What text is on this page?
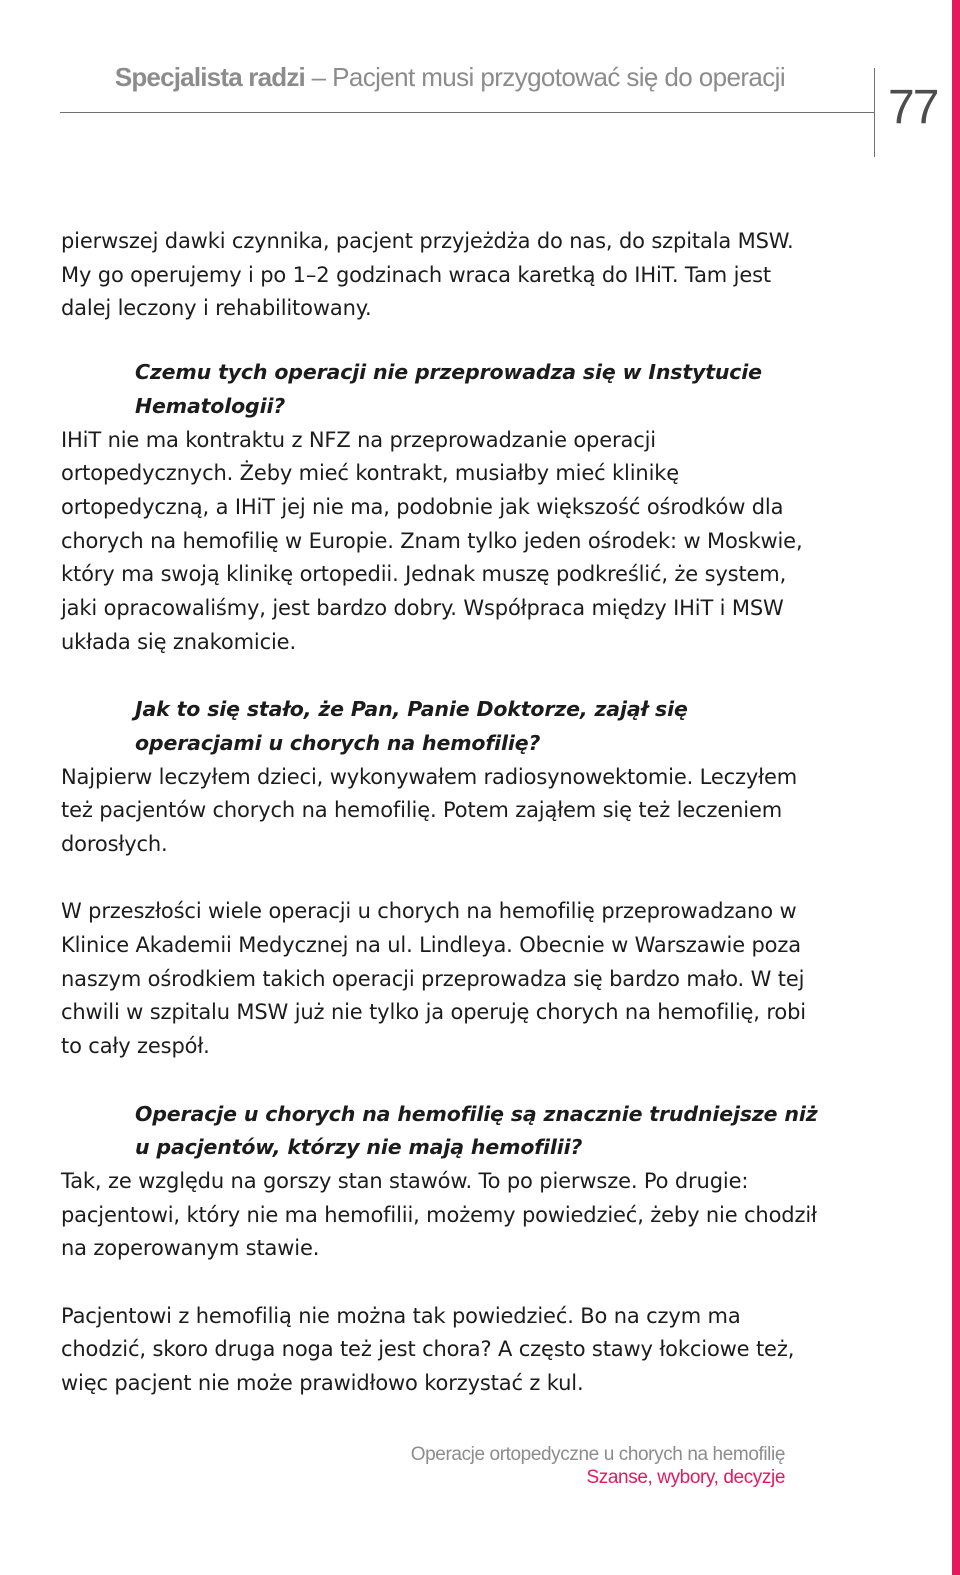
Specjalista radzi – Pacjent musi przygotować się do operacji
77

pierwszej dawki czynnika, pacjent przyjeżdża do nas, do szpitala MSW. My go operujemy i po 1–2 godzinach wraca karetką do IHiT. Tam jest dalej leczony i rehabilitowany.

Czemu tych operacji nie przeprowadza się w Instytucie Hematologii?

IHiT nie ma kontraktu z NFZ na przeprowadzanie operacji ortopedycznych. Żeby mieć kontrakt, musiałby mieć klinikę ortopedyczną, a IHiT jej nie ma, podobnie jak większość ośrodków dla chorych na hemofilię w Europie. Znam tylko jeden ośrodek: w Moskwie, który ma swoją klinikę ortopedii. Jednak muszę podkreślić, że system, jaki opracowaliśmy, jest bardzo dobry. Współpraca między IHiT i MSW układa się znakomicie.

Jak to się stało, że Pan, Panie Doktorze, zajął się operacjami u chorych na hemofilię?

Najpierw leczyłem dzieci, wykonywałem radiosynowektomie. Leczyłem też pacjentów chorych na hemofilię. Potem zająłem się też leczeniem dorosłych.

W przeszłości wiele operacji u chorych na hemofilię przeprowadzano w Klinice Akademii Medycznej na ul. Lindleya. Obecnie w Warszawie poza naszym ośrodkiem takich operacji przeprowadza się bardzo mało. W tej chwili w szpitalu MSW już nie tylko ja operuję chorych na hemofilię, robi to cały zespół.

Operacje u chorych na hemofilię są znacznie trudniejsze niż u pacjentów, którzy nie mają hemofilii?

Tak, ze względu na gorszy stan stawów. To po pierwsze. Po drugie: pacjentowi, który nie ma hemofilii, możemy powiedzieć, żeby nie chodził na zoperowanym stawie.

Pacjentowi z hemofilią nie można tak powiedzieć. Bo na czym ma chodzić, skoro druga noga też jest chora? A często stawy łokciowe też, więc pacjent nie może prawidłowo korzystać z kul.

Operacje ortopedyczne u chorych na hemofilię
Szanse, wybory, decyzje
